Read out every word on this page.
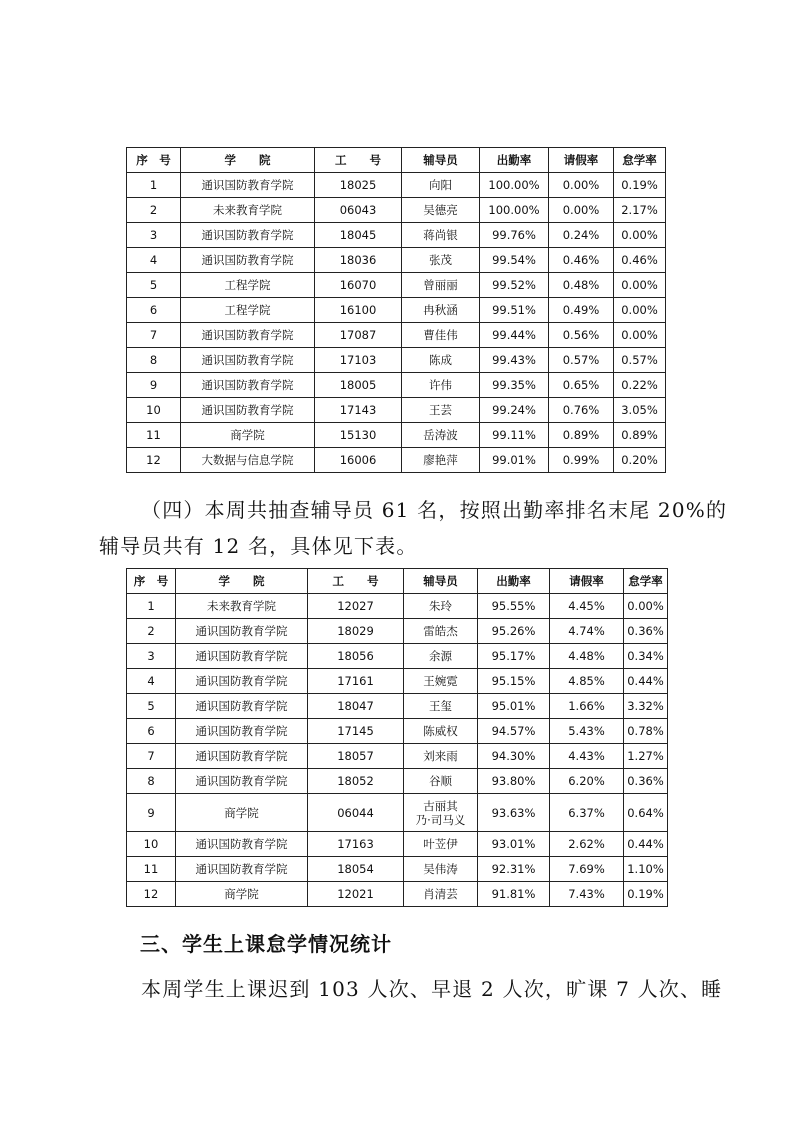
序　号	学　　院	工　　号	辅导员	出勤率	请假率	怠学率
1	通识国防教育学院	18025	向阳	100.00%	0.00%	0.19%
2	未来教育学院	06043	吴德亮	100.00%	0.00%	2.17%
3	通识国防教育学院	18045	蒋尚银	99.76%	0.24%	0.00%
4	通识国防教育学院	18036	张茂	99.54%	0.46%	0.46%
5	工程学院	16070	曾丽丽	99.52%	0.48%	0.00%
6	工程学院	16100	冉秋涵	99.51%	0.49%	0.00%
7	通识国防教育学院	17087	曹佳伟	99.44%	0.56%	0.00%
8	通识国防教育学院	17103	陈成	99.43%	0.57%	0.57%
9	通识国防教育学院	18005	许伟	99.35%	0.65%	0.22%
10	通识国防教育学院	17143	王芸	99.24%	0.76%	3.05%
11	商学院	15130	岳涛波	99.11%	0.89%	0.89%
12	大数据与信息学院	16006	廖艳萍	99.01%	0.99%	0.20%

（四）本周共抽查辅导员 61 名，按照出勤率排名末尾 20%的

辅导员共有 12 名，具体见下表。

序　号	学　　院	工　　号	辅导员	出勤率	请假率	怠学率
1	未来教育学院	12027	朱玲	95.55%	4.45%	0.00%
2	通识国防教育学院	18029	雷皓杰	95.26%	4.74%	0.36%
3	通识国防教育学院	18056	余源	95.17%	4.48%	0.34%
4	通识国防教育学院	17161	王婉霓	95.15%	4.85%	0.44%
5	通识国防教育学院	18047	王玺	95.01%	1.66%	3.32%
6	通识国防教育学院	17145	陈威权	94.57%	5.43%	0.78%
7	通识国防教育学院	18057	刘来雨	94.30%	4.43%	1.27%
8	通识国防教育学院	18052	谷顺	93.80%	6.20%	0.36%
9	商学院	06044	古丽其
乃·司马义	93.63%	6.37%	0.64%
10	通识国防教育学院	17163	叶苙伊	93.01%	2.62%	0.44%
11	通识国防教育学院	18054	吴伟涛	92.31%	7.69%	1.10%
12	商学院	12021	肖清芸	91.81%	7.43%	0.19%

三、学生上课怠学情况统计

本周学生上课迟到 103 人次、早退 2 人次，旷课 7 人次、睡
